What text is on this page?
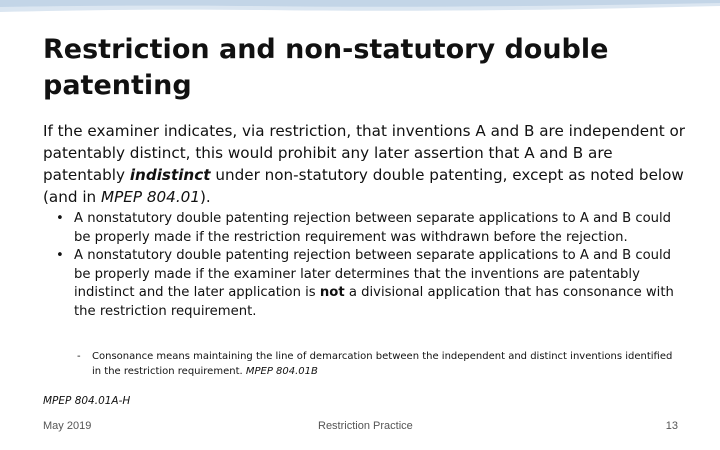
Restriction and non-statutory double patenting

If the examiner indicates, via restriction, that inventions A and B are independent or patentably distinct, this would prohibit any later assertion that A and B are patentably indistinct under non-statutory double patenting, except as noted below (and in MPEP 804.01).

• A nonstatutory double patenting rejection between separate applications to A and B could be properly made if the restriction requirement was withdrawn before the rejection.
• A nonstatutory double patenting rejection between separate applications to A and B could be properly made if the examiner later determines that the inventions are patentably indistinct and the later application is not a divisional application that has consonance with the restriction requirement.
- Consonance means maintaining the line of demarcation between the independent and distinct inventions identified in the restriction requirement. MPEP 804.01B

MPEP 804.01A-H

May 2019	Restriction Practice	13
